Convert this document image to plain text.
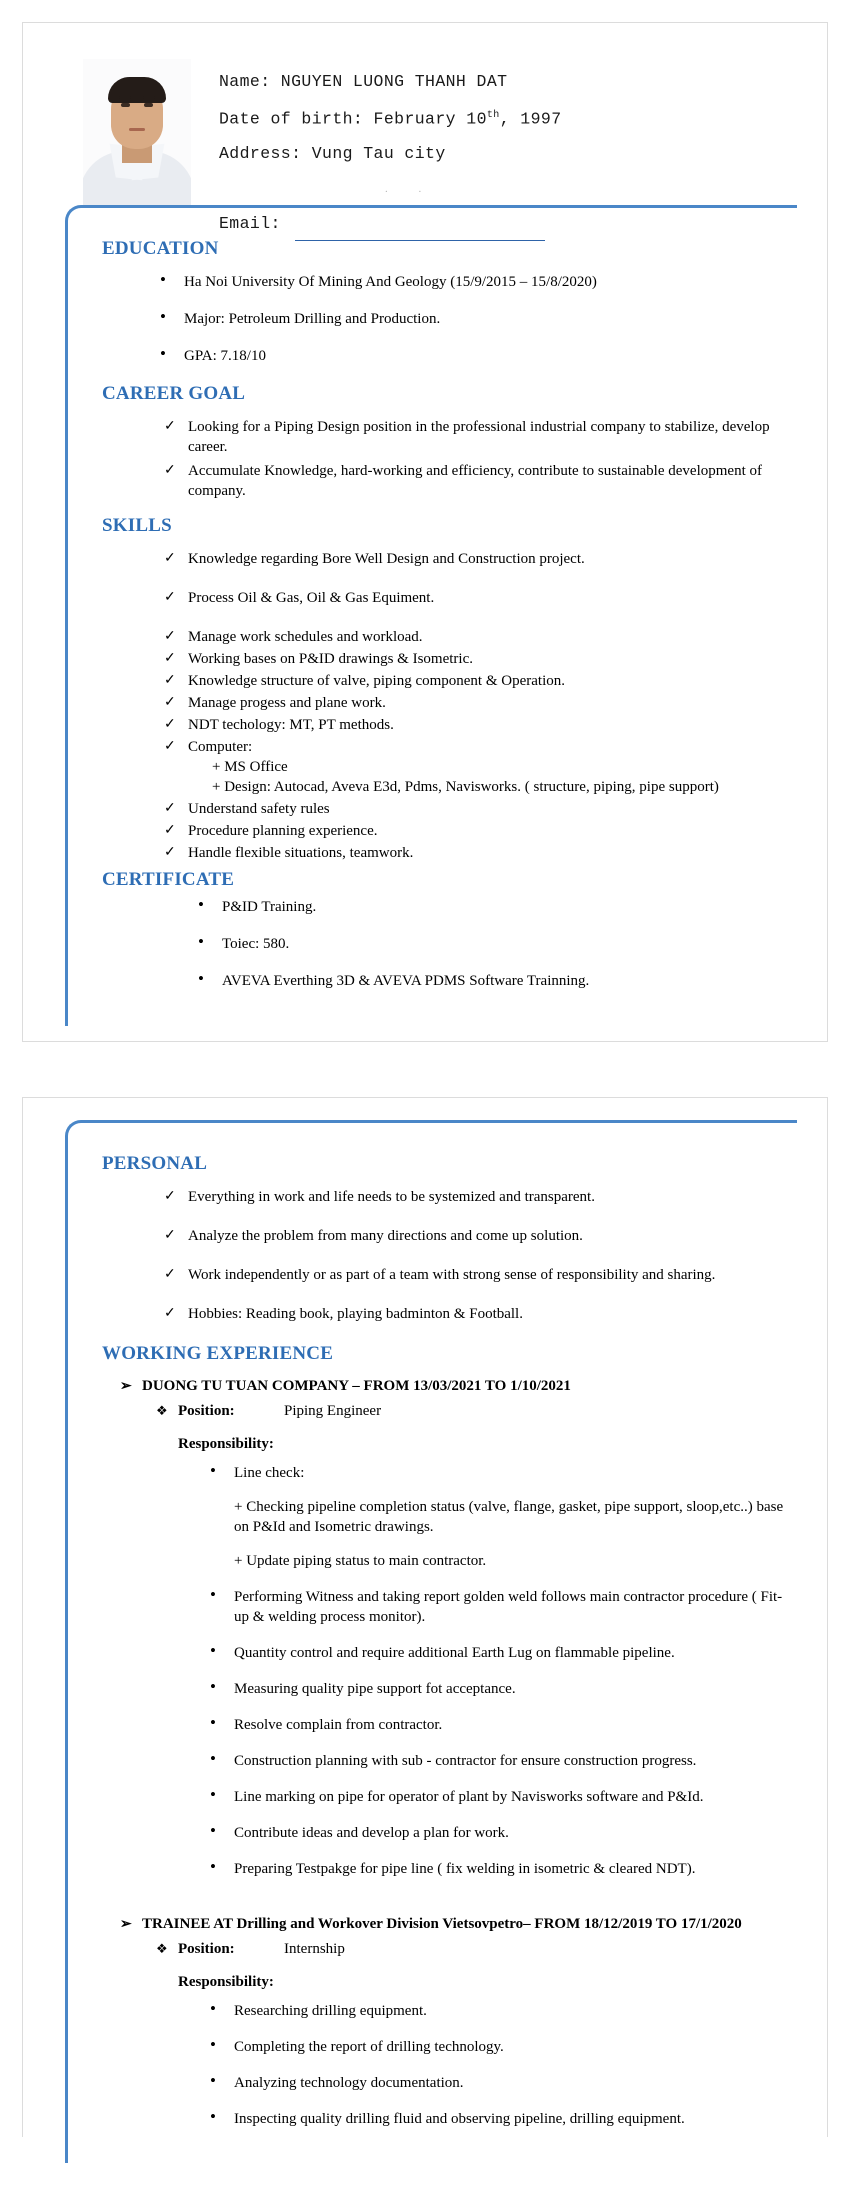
Name: NGUYEN LUONG THANH DAT
Date of birth: February 10th, 1997
Address: Vung Tau city
Email:
. .
EDUCATION
• Ha Noi University Of Mining And Geology (15/9/2015 – 15/8/2020)
• Major: Petroleum Drilling and Production.
• GPA: 7.18/10
CAREER GOAL
✓ Looking for a Piping Design position in the professional industrial company to stabilize, develop career.
✓ Accumulate Knowledge, hard-working and efficiency, contribute to sustainable development of company.
SKILLS
✓ Knowledge regarding Bore Well Design and Construction project.
✓ Process Oil & Gas, Oil & Gas Equiment.
✓ Manage work schedules and workload.
✓ Working bases on P&ID drawings & Isometric.
✓ Knowledge structure of valve, piping component & Operation.
✓ Manage progess and plane work.
✓ NDT techology: MT, PT methods.
✓ Computer:
+ MS Office
+ Design: Autocad, Aveva E3d, Pdms, Navisworks. ( structure, piping, pipe support)
✓ Understand safety rules
✓ Procedure planning experience.
✓ Handle flexible situations, teamwork.
CERTIFICATE
• P&ID Training.
• Toiec: 580.
• AVEVA Everthing 3D & AVEVA PDMS Software Trainning.
PERSONAL
✓ Everything in work and life needs to be systemized and transparent.
✓ Analyze the problem from many directions and come up solution.
✓ Work independently or as part of a team with strong sense of responsibility and sharing.
✓ Hobbies: Reading book, playing badminton & Football.
WORKING EXPERIENCE
➢ DUONG TU TUAN COMPANY – FROM 13/03/2021 TO 1/10/2021
❖ Position:	Piping Engineer
Responsibility:
• Line check:
+ Checking pipeline completion status (valve, flange, gasket, pipe support, sloop,etc..) base on P&Id and Isometric drawings.
+ Update piping status to main contractor.
• Performing Witness and taking report golden weld follows main contractor procedure ( Fit-up & welding process monitor).
• Quantity control and require additional Earth Lug on flammable pipeline.
• Measuring quality pipe support fot acceptance.
• Resolve complain from contractor.
• Construction planning with sub - contractor for ensure construction progress.
• Line marking on pipe for operator of plant by Navisworks software and P&Id.
• Contribute ideas and develop a plan for work.
• Preparing Testpakge for pipe line ( fix welding in isometric & cleared NDT).
➢ TRAINEE AT Drilling and Workover Division Vietsovpetro– FROM 18/12/2019 TO 17/1/2020
❖ Position:	Internship
Responsibility:
• Researching drilling equipment.
• Completing the report of drilling technology.
• Analyzing technology documentation.
• Inspecting quality drilling fluid and observing pipeline, drilling equipment.
